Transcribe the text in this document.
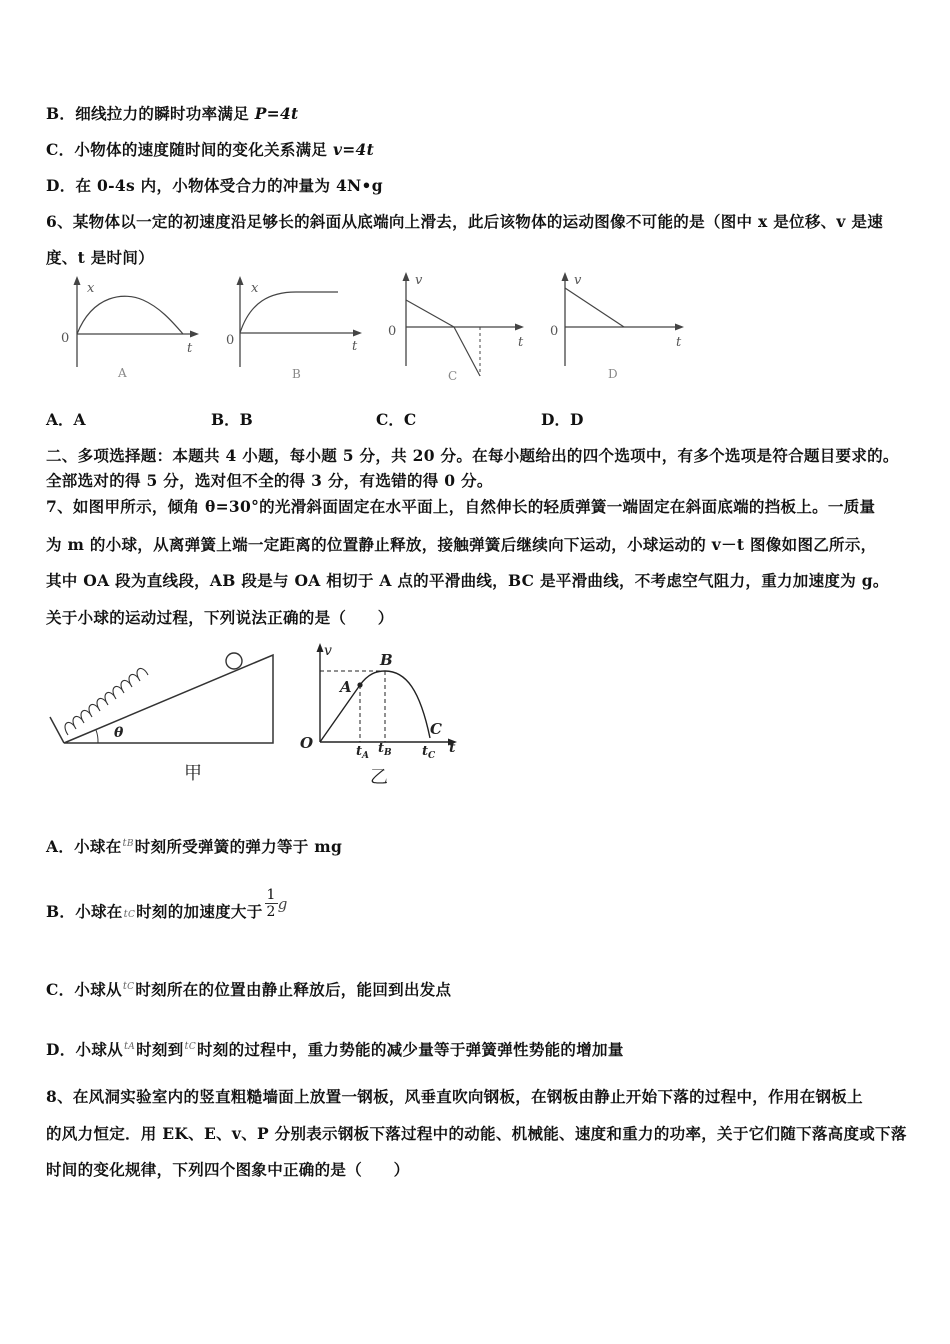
B．细线拉力的瞬时功率满足 P=4t
C．小物体的速度随时间的变化关系满足 v=4t
D．在 0-4s 内，小物体受合力的冲量为 4N•g
6、某物体以一定的初速度沿足够长的斜面从底端向上滑去，此后该物体的运动图像不可能的是（图中 x 是位移、v 是速
度、t 是时间）
x
0
t
A
x
0	t
B
v
0
t
C
v
0
t
D
A．A	B．B	C．C	D．D
二、多项选择题：本题共 4 小题，每小题 5 分，共 20 分。在每小题给出的四个选项中，有多个选项是符合题目要求的。
全部选对的得 5 分，选对但不全的得 3 分，有选错的得 0 分。
7、如图甲所示，倾角 θ=30°的光滑斜面固定在水平面上，自然伸长的轻质弹簧一端固定在斜面底端的挡板上。一质量
为 m 的小球，从离弹簧上端一定距离的位置静止释放，接触弹簧后继续向下运动，小球运动的 v－t 图像如图乙所示，
其中 OA 段为直线段，AB 段是与 OA 相切于 A 点的平滑曲线，BC 是平滑曲线，不考虑空气阻力，重力加速度为 g。
关于小球的运动过程，下列说法正确的是（　　）
θ
甲
v
O
A
B
C
t
$t_A$ $t_B$ $t_C$
乙
A．小球在$^{tB}$时刻所受弹簧的弹力等于 mg
B．小球在tC时刻的加速度大于 $\frac{1}{2}$ g
C．小球从$^{tC}$时刻所在的位置由静止释放后，能回到出发点
D．小球从$^{tA}$时刻到$^{tC}$时刻的过程中，重力势能的减少量等于弹簧弹性势能的增加量
8、在风洞实验室内的竖直粗糙墙面上放置一钢板，风垂直吹向钢板，在钢板由静止开始下落的过程中，作用在钢板上
的风力恒定．用 EK、E、v、P 分别表示钢板下落过程中的动能、机械能、速度和重力的功率，关于它们随下落高度或下落
时间的变化规律，下列四个图象中正确的是（　　）
